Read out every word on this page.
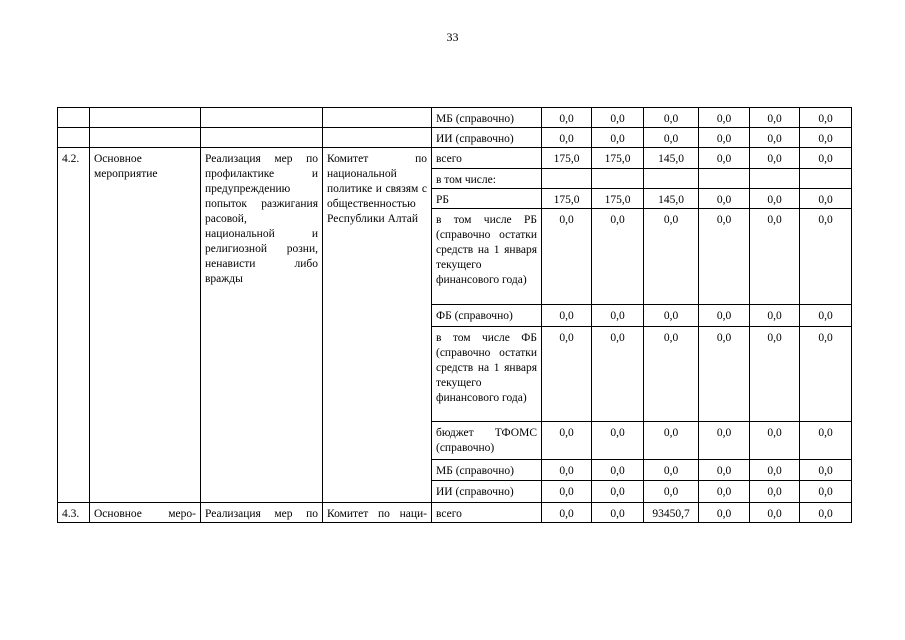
33
				МБ (справочно)	0,0	0,0	0,0	0,0	0,0	0,0
				ИИ (справочно)	0,0	0,0	0,0	0,0	0,0	0,0
4.2.	Основное мероприятие	Реализация мер по профилактике и предупреждению попыток разжигания расовой, национальной и религиозной розни, ненависти либо вражды	Комитет по национальной политике и связям с общественностью Республики Алтай	всего	175,0	175,0	145,0	0,0	0,0	0,0
				в том числе:						
				РБ	175,0	175,0	145,0	0,0	0,0	0,0

				в том числе РБ (справочно остатки средств на 1 января текущего финансового года)	0,0	0,0	0,0	0,0	0,0	0,0
				ФБ (справочно)	0,0	0,0	0,0	0,0	0,0	0,0

				в том числе ФБ (справочно остатки средств на 1 января текущего финансового года)	0,0	0,0	0,0	0,0	0,0	0,0

				бюджет ТФОМС (справочно)	0,0	0,0	0,0	0,0	0,0	0,0
				МБ (справочно)	0,0	0,0	0,0	0,0	0,0	0,0
				ИИ (справочно)	0,0	0,0	0,0	0,0	0,0	0,0
4.3.	Основное меро-	Реализация мер по	Комитет по наци-	всего	0,0	0,0	93450,7	0,0	0,0	0,0
